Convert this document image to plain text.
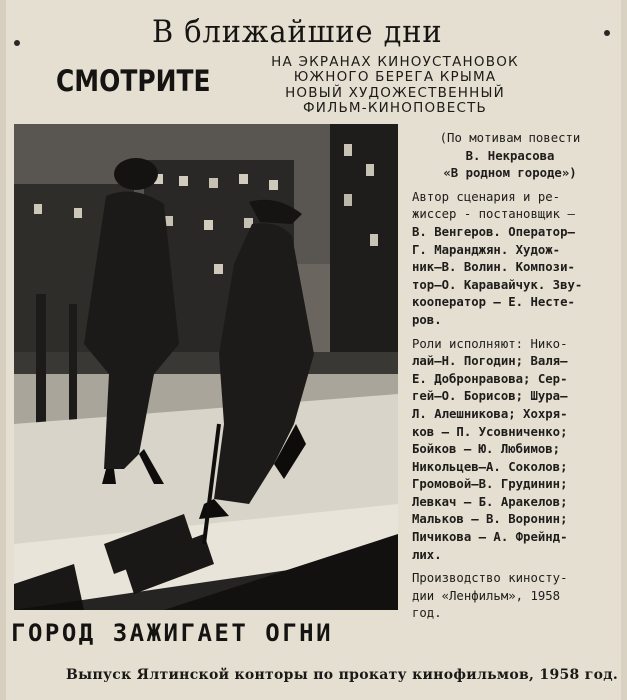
В ближайшие дни
СМОТРИТЕ
НА ЭКРАНАХ КИНОУСТАНОВОК
ЮЖНОГО БЕРЕГА КРЫМА
НОВЫЙ ХУДОЖЕСТВЕННЫЙ
ФИЛЬМ-КИНОПОВЕСТЬ
ГОРОД ЗАЖИГАЕТ ОГНИ
(По мотивам повести
В. Некрасова
«В родном городе»)
Автор сценария и ре-
жиссер - постановщик —
В. Венгеров. Оператор—
Г. Маранджян. Худож-
ник—В. Волин. Компози-
тор—О. Каравайчук. Зву-
кооператор — Е. Несте-
ров.
Роли исполняют: Нико-
лай—Н. Погодин; Валя—
Е. Добронравова; Сер-
гей—О. Борисов; Шура—
Л. Алешникова; Хохря-
ков — П. Усовниченко;
Бойков — Ю. Любимов;
Никольцев—А. Соколов;
Громовой—В. Грудинин;
Левкач — Б. Аракелов;
Мальков — В. Воронин;
Пичикова — А. Фрейнд-
лих.
Производство киносту-
дии «Ленфильм», 1958
год.
Выпуск Ялтинской конторы по прокату кинофильмов, 1958 год.
